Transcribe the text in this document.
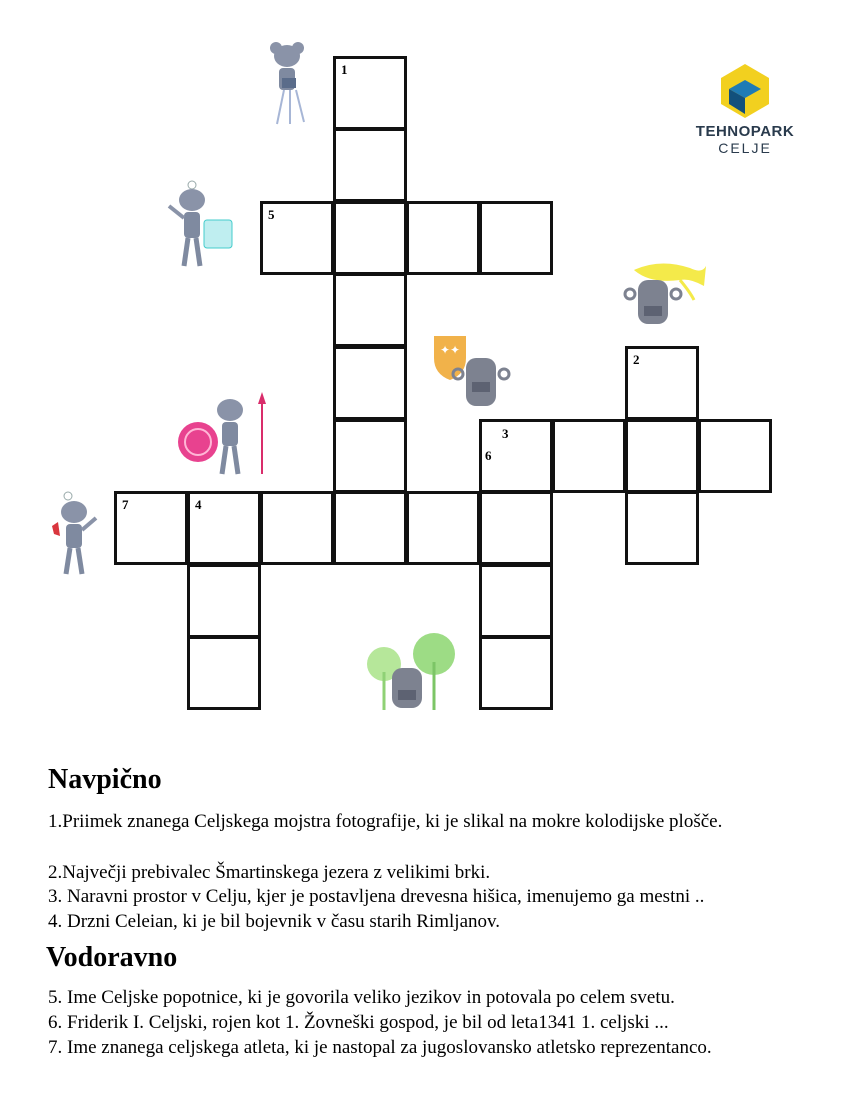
TEHNOPARK
CELJE
1
5
2
3
6
7	4
✦✦
Navpično
1.Priimek znanega Celjskega mojstra fotografije, ki je slikal na mokre kolodijske plošče.
2.Največji prebivalec Šmartinskega jezera z velikimi brki.
3. Naravni prostor v Celju, kjer je postavljena drevesna hišica, imenujemo ga mestni ..
4. Drzni Celeian, ki je bil bojevnik v času starih Rimljanov.
Vodoravno
5. Ime Celjske popotnice, ki je govorila veliko jezikov in potovala po celem svetu.
6. Friderik I. Celjski, rojen kot 1. Žovneški gospod, je bil od leta1341 1. celjski ...
7. Ime znanega celjskega atleta, ki je nastopal za jugoslovansko atletsko reprezentanco.
